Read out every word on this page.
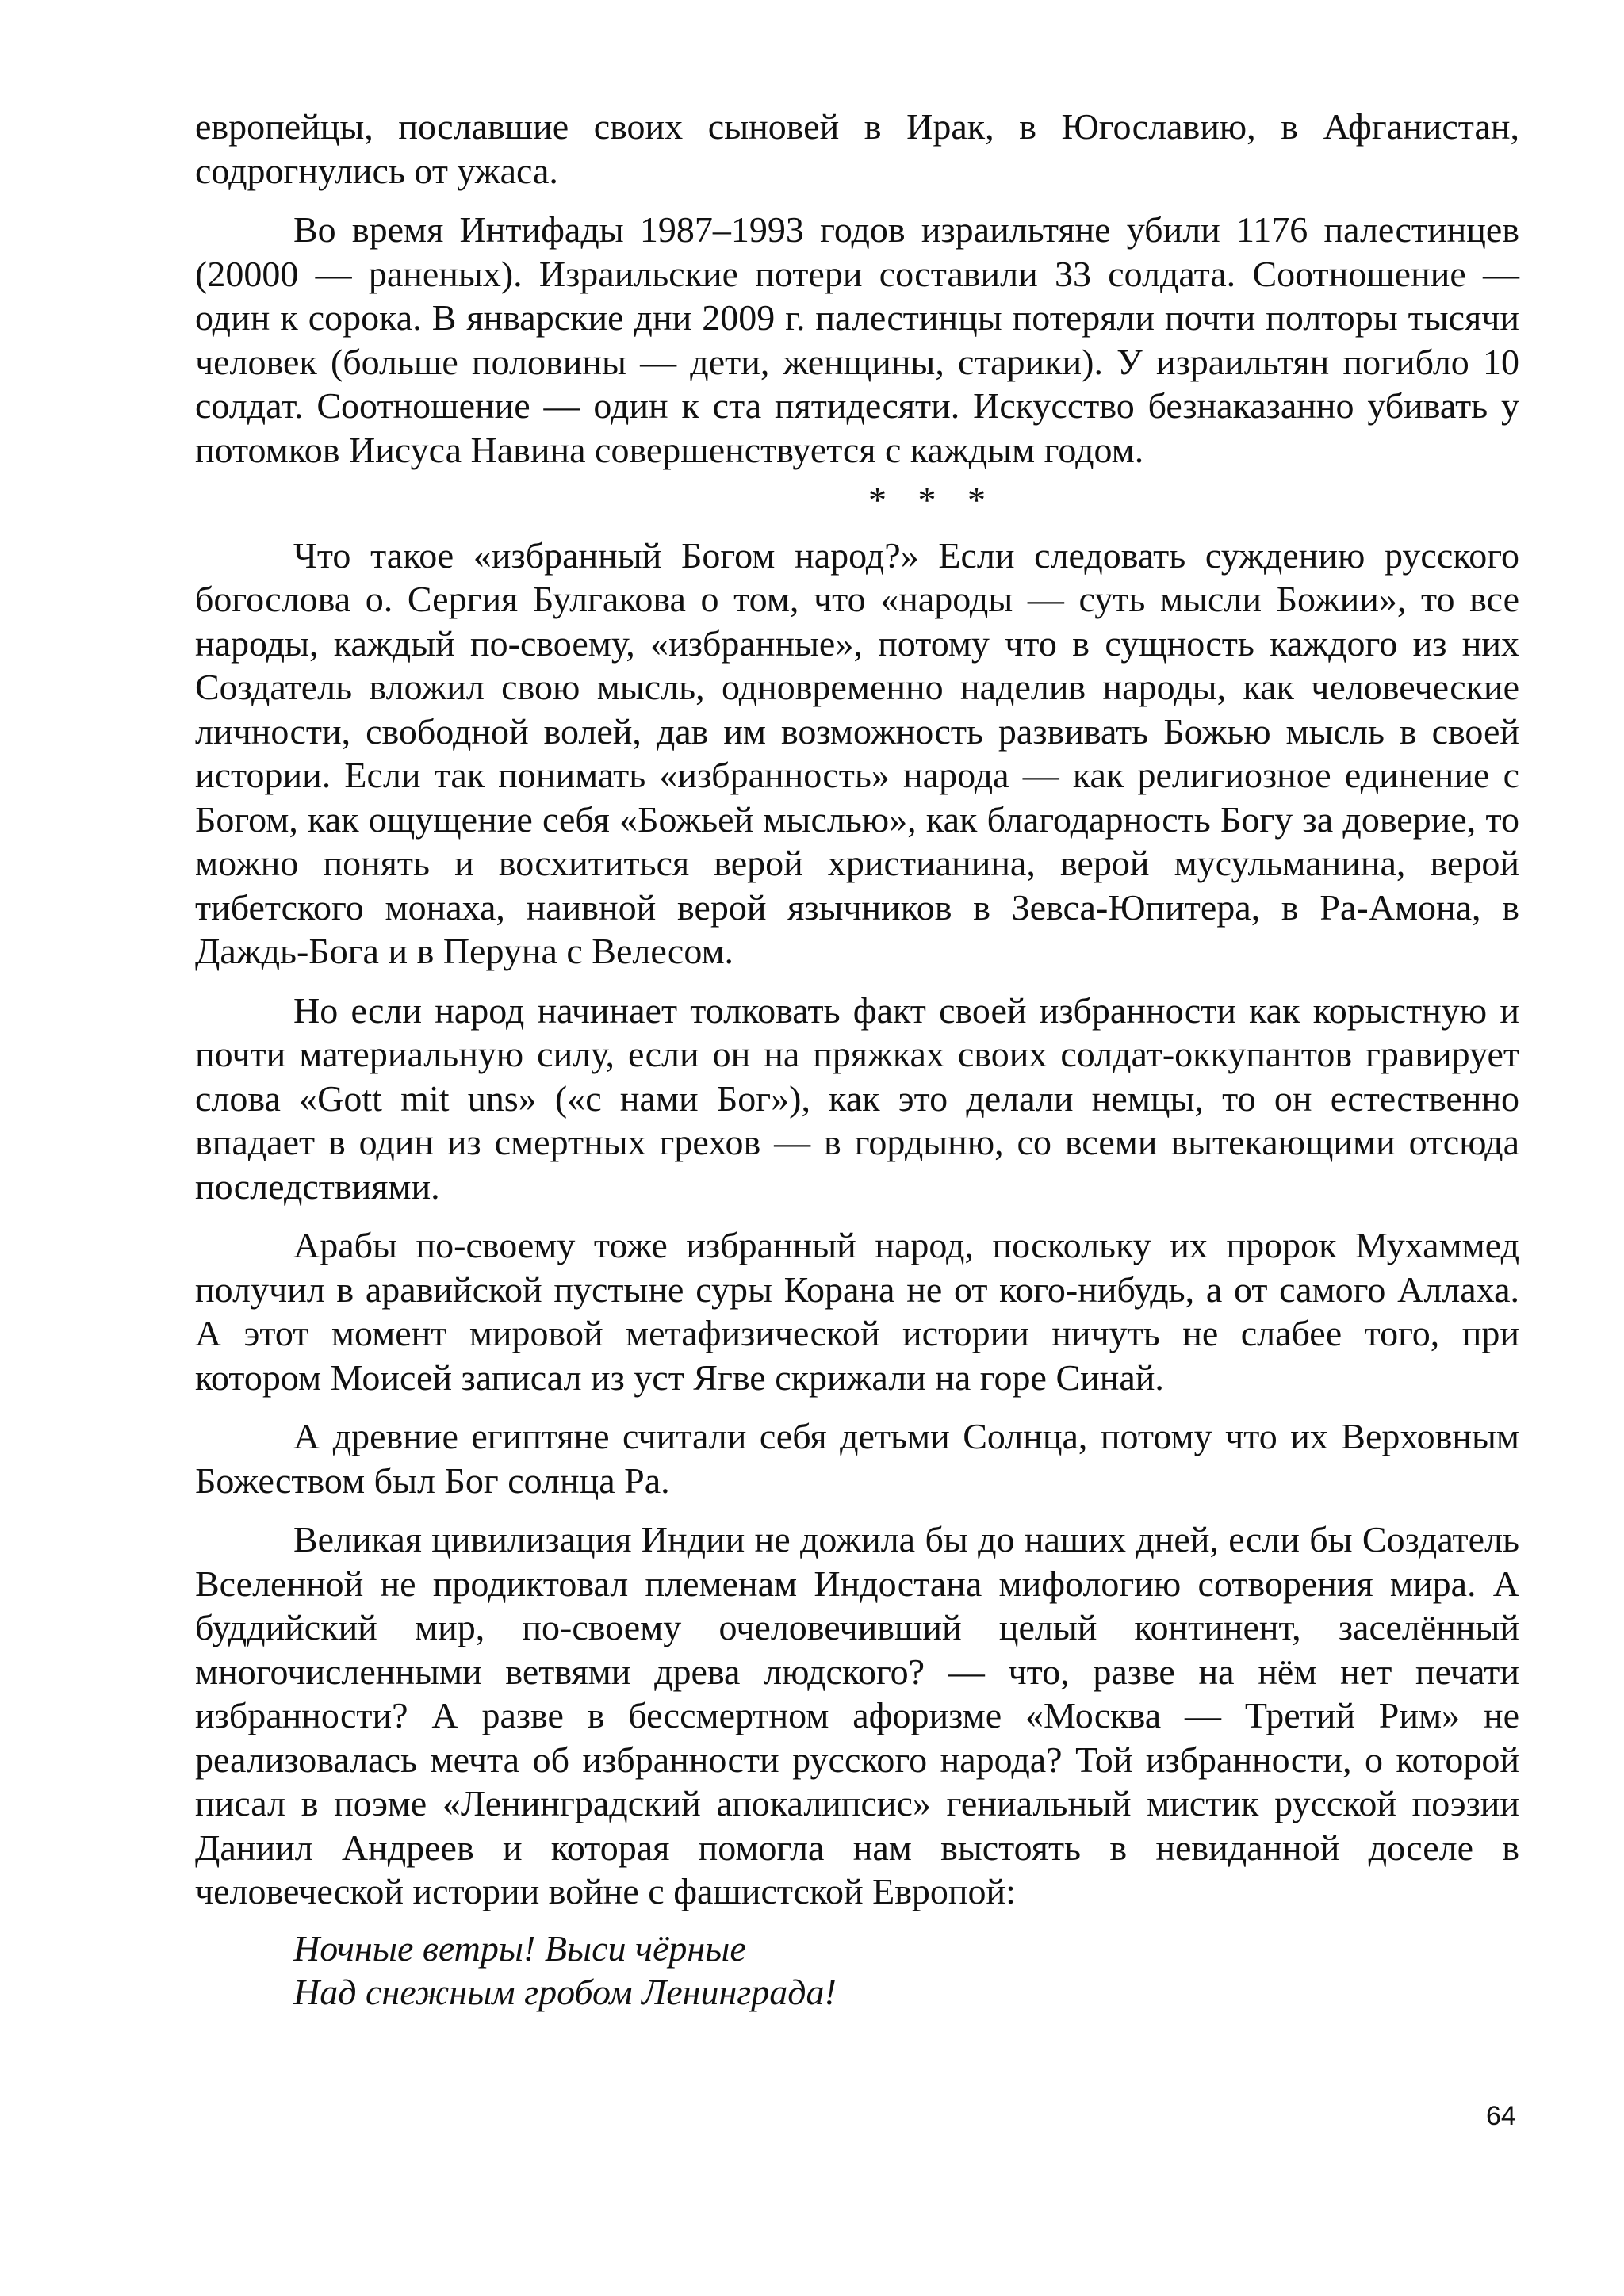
европейцы, пославшие своих сыновей в Ирак, в Югославию, в Афганистан, содрогнулись от ужаса.

Во время Интифады 1987–1993 годов израильтяне убили 1176 палестинцев (20000 — раненых). Израильские потери составили 33 солдата. Соотношение — один к сорока. В январские дни 2009 г. палестинцы потеряли почти полторы тысячи человек (больше половины — дети, женщины, старики). У израильтян погибло 10 солдат. Соотношение — один к ста пятидесяти. Искусство безнаказанно убивать у потомков Иисуса Навина совершенствуется с каждым годом.

* * *

Что такое «избранный Богом народ?» Если следовать суждению русского богослова о. Сергия Булгакова о том, что «народы — суть мысли Божии», то все народы, каждый по-своему, «избранные», потому что в сущность каждого из них Создатель вложил свою мысль, одновременно наделив народы, как человеческие личности, свободной волей, дав им возможность развивать Божью мысль в своей истории. Если так понимать «избранность» народа — как религиозное единение с Богом, как ощущение себя «Божьей мыслью», как благодарность Богу за доверие, то можно понять и восхититься верой христианина, верой мусульманина, верой тибетского монаха, наивной верой язычников в Зевса-Юпитера, в Ра-Амона, в Даждь-Бога и в Перуна с Велесом.

Но если народ начинает толковать факт своей избранности как корыстную и почти материальную силу, если он на пряжках своих солдат-оккупантов гравирует слова «Gott mit uns» («с нами Бог»), как это делали немцы, то он естественно впадает в один из смертных грехов — в гордыню, со всеми вытекающими отсюда последствиями.

Арабы по-своему тоже избранный народ, поскольку их пророк Мухаммед получил в аравийской пустыне суры Корана не от кого-нибудь, а от самого Аллаха. А этот момент мировой метафизической истории ничуть не слабее того, при котором Моисей записал из уст Ягве скрижали на горе Синай.

А древние египтяне считали себя детьми Солнца, потому что их Верховным Божеством был Бог солнца Ра.

Великая цивилизация Индии не дожила бы до наших дней, если бы Создатель Вселенной не продиктовал племенам Индостана мифологию сотворения мира. А буддийский мир, по-своему очеловечивший целый континент, заселённый многочисленными ветвями древа людского? — что, разве на нём нет печати избранности? А разве в бессмертном афоризме «Москва — Третий Рим» не реализовалась мечта об избранности русского народа? Той избранности, о которой писал в поэме «Ленинградский апокалипсис» гениальный мистик русской поэзии Даниил Андреев и которая помогла нам выстоять в невиданной доселе в человеческой истории войне с фашистской Европой:

Ночные ветры! Выси чёрные
Над снежным гробом Ленинграда!
64
